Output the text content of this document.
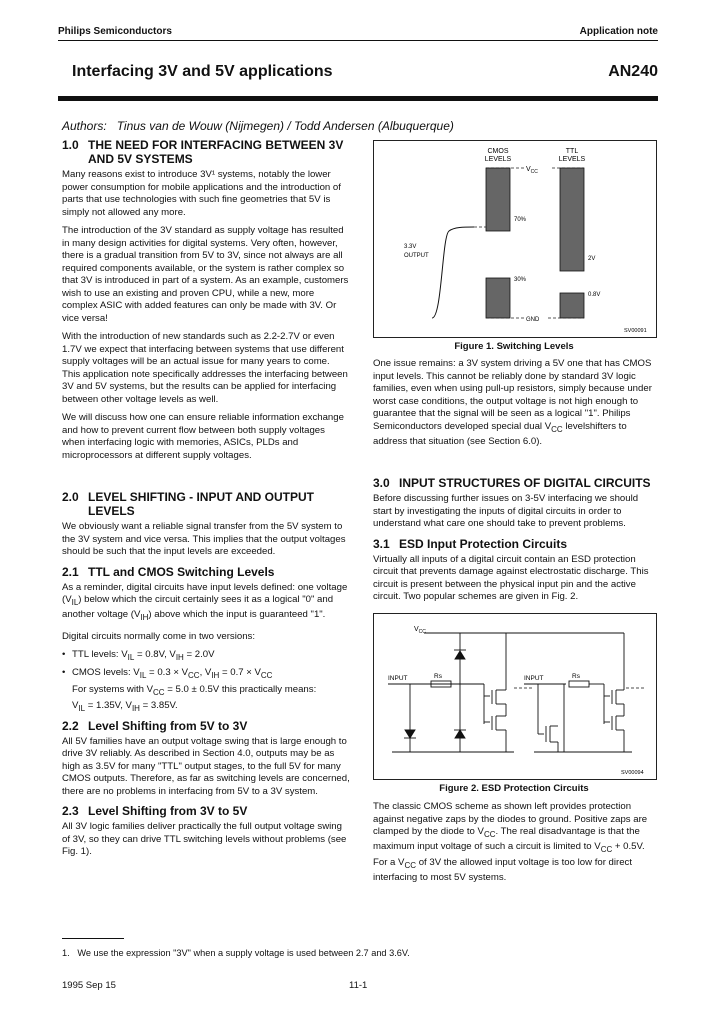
Philips Semiconductors	Application note
Interfacing 3V and 5V applications	AN240
Authors:   Tinus van de Wouw (Nijmegen) / Todd Andersen (Albuquerque)
1.0 THE NEED FOR INTERFACING BETWEEN 3V AND 5V SYSTEMS

Many reasons exist to introduce 3V¹ systems, notably the lower power consumption for mobile applications and the introduction of parts that use technologies with such fine geometries that 5V is simply not allowed any more.

The introduction of the 3V standard as supply voltage has resulted in many design activities for digital systems. Very often, however, there is a gradual transition from 5V to 3V, since not always are all required components available, or the system is rather complex so that 3V is introduced in part of a system. As an example, customers wish to use an existing and proven CPU, while a new, more complex ASIC with added features can only be made with 3V. Or vice versa!

With the introduction of new standards such as 2.2-2.7V or even 1.7V we expect that interfacing between systems that use different supply voltages will be an actual issue for many years to come. This application note specifically addresses the interfacing between 3V and 5V systems, but the results can be applied for interfacing between other voltage levels as well.

We will discuss how one can ensure reliable information exchange and how to prevent current flow between both supply voltages when interfacing logic with memories, ASICs, PLDs and microprocessors at different supply voltages.

2.0 LEVEL SHIFTING - INPUT AND OUTPUT LEVELS

We obviously want a reliable signal transfer from the 5V system to the 3V system and vice versa. This implies that the output voltages should be such that the input levels are exceeded.

2.1 TTL and CMOS Switching Levels

As a reminder, digital circuits have input levels defined: one voltage $(V_{IL})$ below which the circuit certainly sees it as a logical "0" and another voltage $(V_{IH})$ above which the input is guaranteed "1".

Digital circuits normally come in two versions:

• TTL levels: $V_{IL} = 0.8V$, $V_{IH} = 2.0V$
• CMOS levels: $V_{IL} = 0.3 \times V_{CC}$, $V_{IH} = 0.7 \times V_{CC}$
For systems with $V_{CC} = 5.0 \pm 0.5V$ this practically means:
$V_{IL} = 1.35V$, $V_{IH} = 3.85V$.
2.2 Level Shifting from 5V to 3V

All 5V families have an output voltage swing that is large enough to drive 3V reliably. As described in Section 4.0, outputs may be as high as 3.5V for many "TTL" output stages, to the full 5V for many CMOS outputs. Therefore, as far as switching levels are concerned, there are no problems in interfacing from 5V to a 3V system.

2.3 Level Shifting from 3V to 5V

All 3V logic families deliver practically the full output voltage swing of 3V, so they can drive TTL switching levels without problems (see Fig. 1).

CMOS
LEVELS
TTL
LEVELS
$V_{CC}$
70%
30%
2V
0.8V
3.3V
OUTPUT
GND
SV00091
Figure 1. Switching Levels

One issue remains: a 3V system driving a 5V one that has CMOS input levels. This cannot be reliably done by standard 3V logic families, even when using pull-up resistors, simply because under worst case conditions, the output voltage is not high enough to guarantee that the signal will be seen as a logical "1". Philips Semiconductors developed special dual $V_{CC}$ levelshifters to address that situation (see Section 6.0).

3.0 INPUT STRUCTURES OF DIGITAL CIRCUITS

Before discussing further issues on 3-5V interfacing we should start by investigating the inputs of digital circuits in order to understand what care one should take to prevent problems.

3.1 ESD Input Protection Circuits

Virtually all inputs of a digital circuit contain an ESD protection circuit that prevents damage against electrostatic discharge. This circuit is present between the physical input pin and the active circuit. Two popular schemes are given in Fig. 2.

$V_{CC}$
INPUT	Rs	INPUT	Rs
SV00094
Figure 2. ESD Protection Circuits

The classic CMOS scheme as shown left provides protection against negative zaps by the diodes to ground. Positive zaps are clamped by the diode to $V_{CC}$. The real disadvantage is that the maximum input voltage of such a circuit is limited to $V_{CC} + 0.5V$. For a $V_{CC}$ of 3V the allowed input voltage is too low for direct interfacing to most 5V systems.

1.   We use the expression "3V" when a supply voltage is used between 2.7 and 3.6V.
1995 Sep 15	11-1
